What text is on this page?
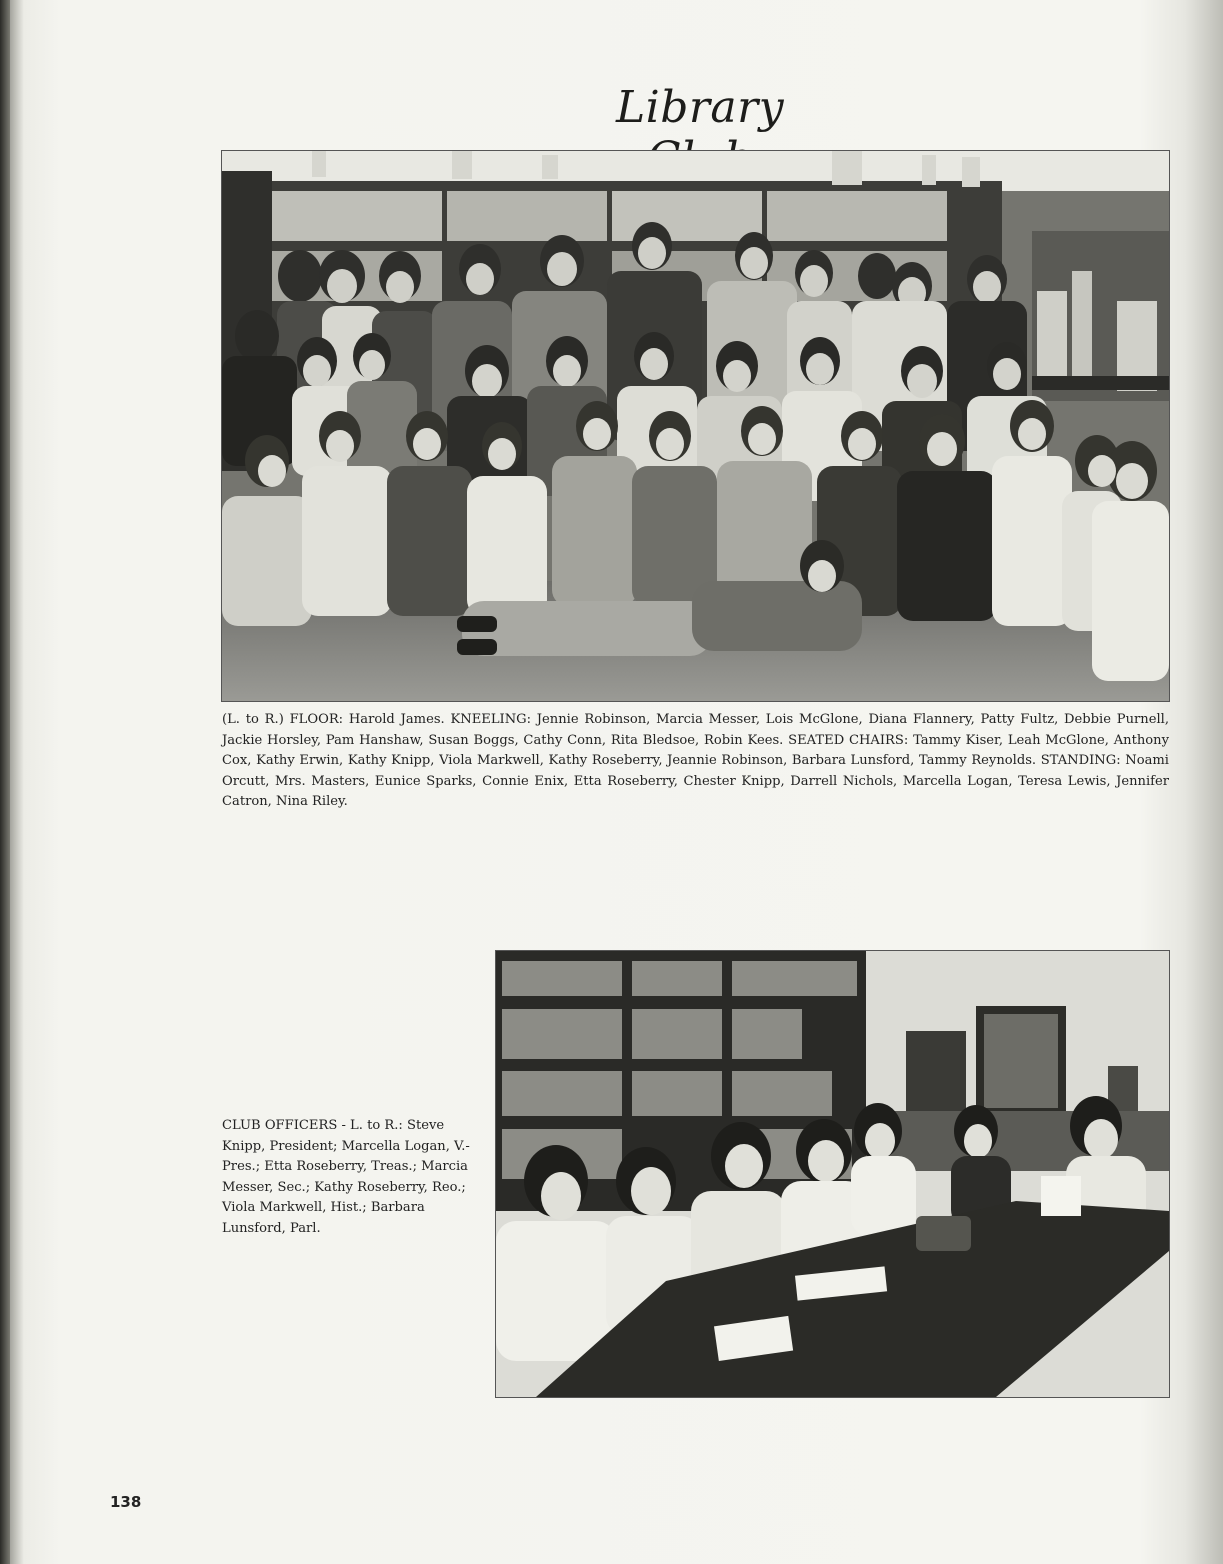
Library
(L. to R.) FLOOR: Harold James. KNEELING: Jennie Robinson, Marcia Messer, Lois McGlone, Diana Flannery, Patty Fultz, Debbie Purnell, Jackie Horsley, Pam Hanshaw, Susan Boggs, Cathy Conn, Rita Bledsoe, Robin Kees. SEATED CHAIRS: Tammy Kiser, Leah McGlone, Anthony Cox, Kathy Erwin, Kathy Knipp, Viola Markwell, Kathy Roseberry, Jeannie Robinson, Barbara Lunsford, Tammy Reynolds. STANDING: Noami Orcutt, Mrs. Masters, Eunice Sparks, Connie Enix, Etta Roseberry, Chester Knipp, Darrell Nichols, Marcella Logan, Teresa Lewis, Jennifer Catron, Nina Riley.
CLUB OFFICERS - L. to R.: Steve Knipp, President; Marcella Logan, V.-Pres.; Etta Roseberry, Treas.; Marcia Messer, Sec.; Kathy Roseberry, Reo.; Viola Markwell, Hist.; Barbara Lunsford, Parl.
138
